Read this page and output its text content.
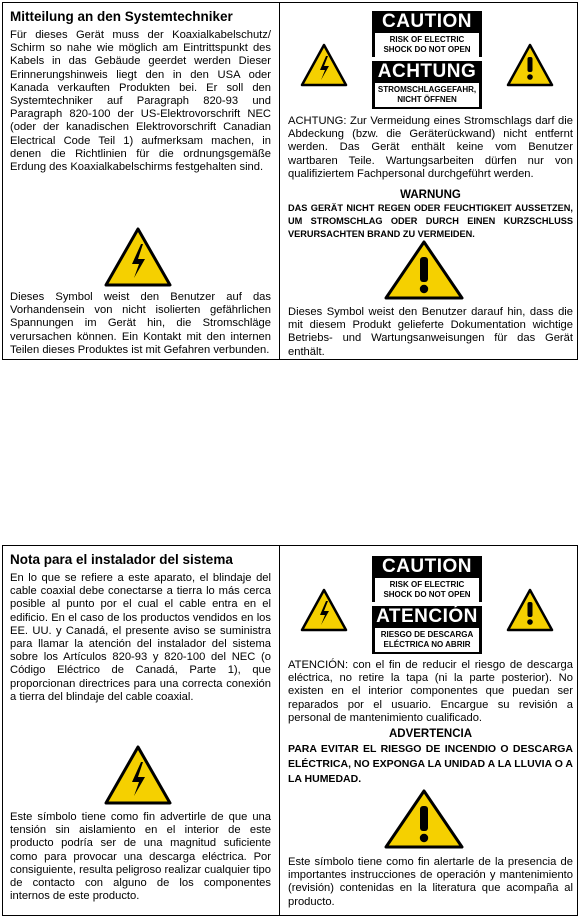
Mitteilung an den Systemtechniker

Für dieses Gerät muss der Koaxialkabelschutz/ Schirm so nahe wie möglich am Eintrittspunkt des Kabels in das Gebäude geerdet werden Dieser Erinnerungshinweis liegt den in den USA oder Kanada verkauften Produkten bei. Er soll den Systemtechniker auf Paragraph 820-93 und Paragraph 820-100 der US-Elektrovorschrift NEC (oder der kanadischen Elektrovorschrift Canadian Electrical Code Teil 1) aufmerksam machen, in denen die Richtlinien für die ordnungsgemäße Erdung des Koaxialkabelschirms festgehalten sind.

Dieses Symbol weist den Benutzer auf das Vorhandensein von nicht isolierten gefährlichen Spannungen im Gerät hin, die Stromschläge verursachen können. Ein Kontakt mit den internen Teilen dieses Produktes ist mit Gefahren verbunden.

CAUTION
RISK OF ELECTRIC SHOCK DO NOT OPEN
ACHTUNG
STROMSCHLAGGEFAHR, NICHT ÖFFNEN

ACHTUNG: Zur Vermeidung eines Stromschlags darf die Abdeckung (bzw. die Geräterückwand) nicht entfernt werden. Das Gerät enthält keine vom Benutzer wartbaren Teile. Wartungsarbeiten dürfen nur von qualifiziertem Fachpersonal durchgeführt werden.

WARNUNG

DAS GERÄT NICHT REGEN ODER FEUCHTIGKEIT AUSSETZEN, UM STROMSCHLAG ODER DURCH EINEN KURZSCHLUSS VERURSACHTEN BRAND ZU VERMEIDEN.

Dieses Symbol weist den Benutzer darauf hin, dass die mit diesem Produkt gelieferte Dokumentation wichtige Betriebs- und Wartungsanweisungen für das Gerät enthält.

Nota para el instalador del sistema

En lo que se refiere a este aparato, el blindaje del cable coaxial debe conectarse a tierra lo más cerca posible al punto por el cual el cable entra en el edificio. En el caso de los productos vendidos en los EE. UU. y Canadá, el presente aviso se suministra para llamar la atención del instalador del sistema sobre los Artículos 820-93 y 820-100 del NEC (o Código Eléctrico de Canadá, Parte 1), que proporcionan directrices para una correcta conexión a tierra del blindaje del cable coaxial.

Este símbolo tiene como fin advertirle de que una tensión sin aislamiento en el interior de este producto podría ser de una magnitud suficiente como para provocar una descarga eléctrica. Por consiguiente, resulta peligroso realizar cualquier tipo de contacto con alguno de los componentes internos de este producto.

CAUTION
RISK OF ELECTRIC SHOCK DO NOT OPEN
ATENCIÓN
RIESGO DE DESCARGA ELÉCTRICA NO ABRIR

ATENCIÓN: con el fin de reducir el riesgo de descarga eléctrica, no retire la tapa (ni la parte posterior). No existen en el interior componentes que puedan ser reparados por el usuario. Encargue su revisión a personal de mantenimiento cualificado.

ADVERTENCIA

PARA EVITAR EL RIESGO DE INCENDIO O DESCARGA ELÉCTRICA, NO EXPONGA LA UNIDAD A LA LLUVIA O A LA HUMEDAD.

Este símbolo tiene como fin alertarle de la presencia de importantes instrucciones de operación y mantenimiento (revisión) contenidas en la literatura que acompaña al producto.
